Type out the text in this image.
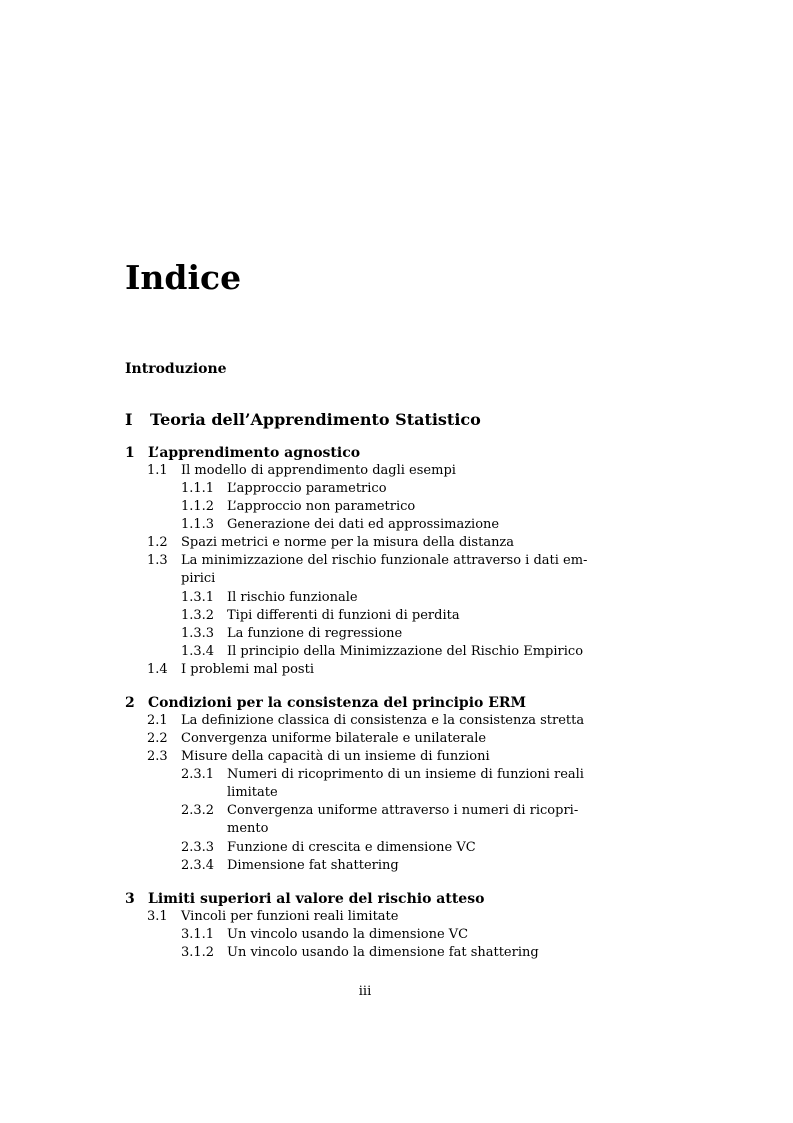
Indice
Introduzione
I Teoria dell’Apprendimento Statistico
1 L’apprendimento agnostico
1.1 Il modello di apprendimento dagli esempi
1.1.1 L’approccio parametrico
1.1.2 L’approccio non parametrico
1.1.3 Generazione dei dati ed approssimazione
1.2 Spazi metrici e norme per la misura della distanza
1.3 La minimizzazione del rischio funzionale attraverso i dati em-
pirici
1.3.1 Il rischio funzionale
1.3.2 Tipi differenti di funzioni di perdita
1.3.3 La funzione di regressione
1.3.4 Il principio della Minimizzazione del Rischio Empirico
1.4 I problemi mal posti
2 Condizioni per la consistenza del principio ERM
2.1 La definizione classica di consistenza e la consistenza stretta
2.2 Convergenza uniforme bilaterale e unilaterale
2.3 Misure della capacità di un insieme di funzioni
2.3.1 Numeri di ricoprimento di un insieme di funzioni reali
limitate
2.3.2 Convergenza uniforme attraverso i numeri di ricopri-
mento
2.3.3 Funzione di crescita e dimensione VC
2.3.4 Dimensione fat shattering
3 Limiti superiori al valore del rischio atteso
3.1 Vincoli per funzioni reali limitate
3.1.1 Un vincolo usando la dimensione VC
3.1.2 Un vincolo usando la dimensione fat shattering
iii
